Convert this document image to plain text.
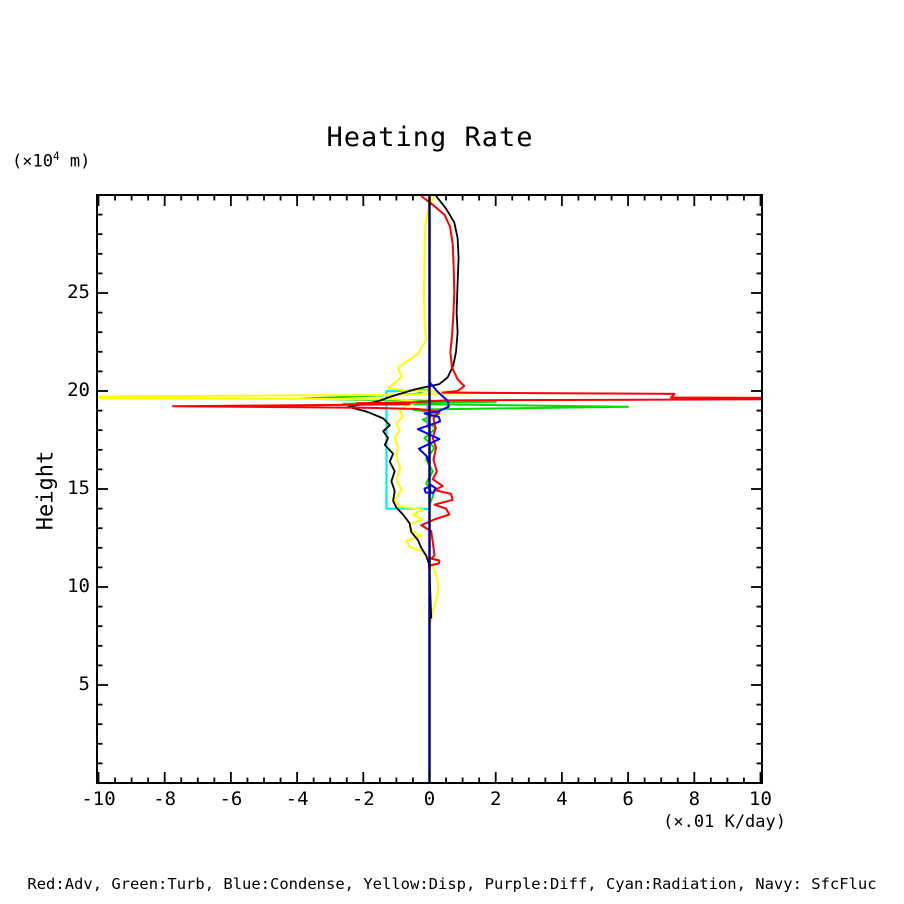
Heating Rate
($\times 10^4$ m)
Height
-10	-8	-6	-4	-2	0	2	4	6	8	10
5
10
15
20
25
(×.01 K/day)
Red:Adv, Green:Turb, Blue:Condense, Yellow:Disp, Purple:Diff, Cyan:Radiation, Navy: SfcFluc
